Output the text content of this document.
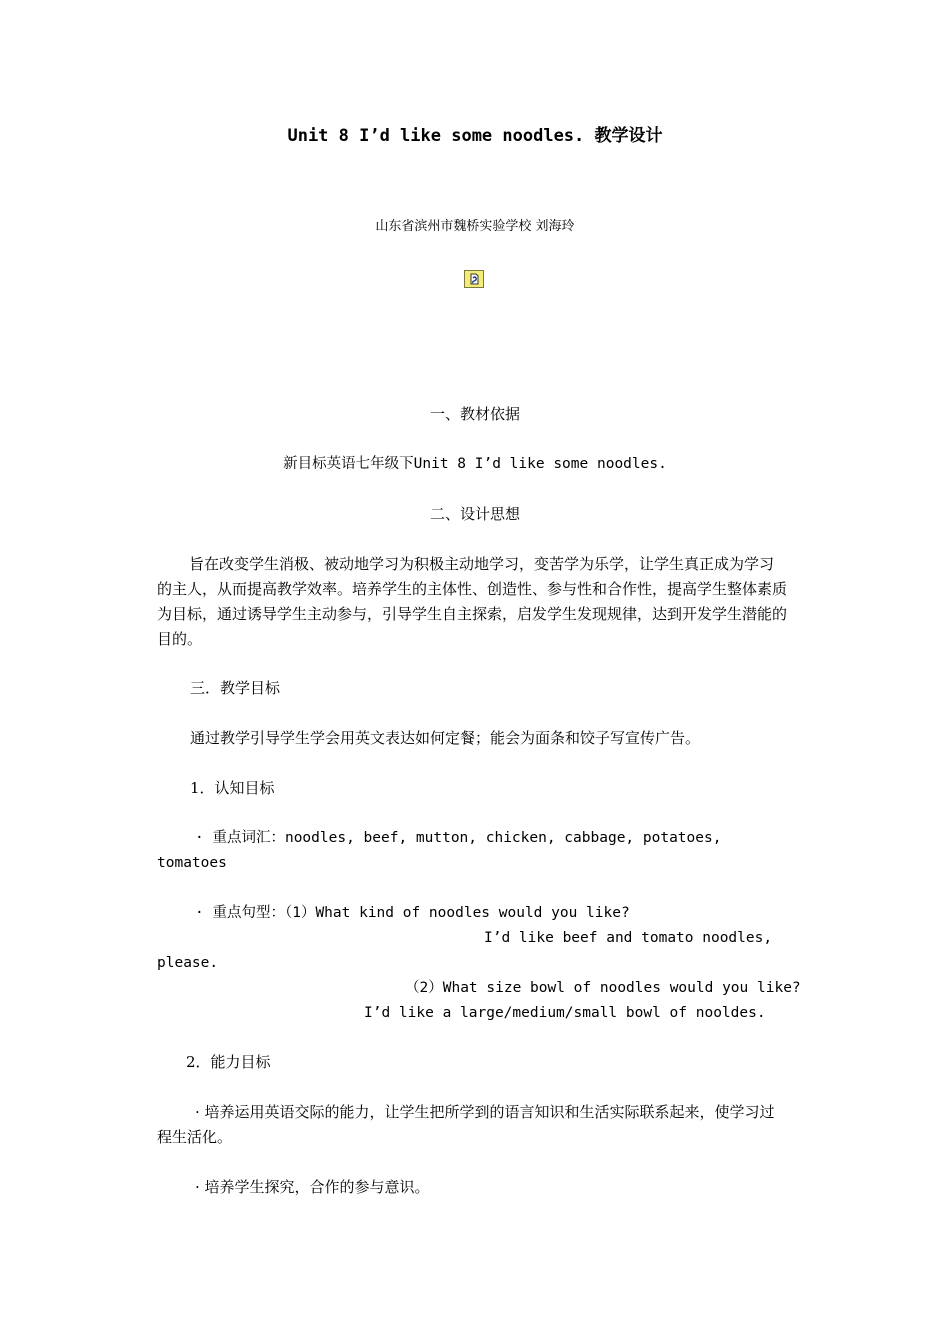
Unit 8 I’d like some noodles. 教学设计
山东省滨州市魏桥实验学校 刘海玲
一、教材依据
新目标英语七年级下Unit 8 I’d like some noodles.
二、设计思想
旨在改变学生消极、被动地学习为积极主动地学习，变苦学为乐学，让学生真正成为学习的主人，从而提高教学效率。培养学生的主体性、创造性、参与性和合作性，提高学生整体素质为目标，通过诱导学生主动参与，引导学生自主探索，启发学生发现规律，达到开发学生潜能的目的。
三．教学目标
通过教学引导学生学会用英文表达如何定餐；能会为面条和饺子写宣传广告。
1．认知目标
· 重点词汇：noodles, beef, mutton, chicken, cabbage, potatoes,
tomatoes
· 重点句型：（1）What kind of noodles would you like?
I’d like beef and tomato noodles,
please.
（2）What size bowl of noodles would you like?
I’d like a large/medium/small bowl of nooldes.
2．能力目标
· 培养运用英语交际的能力，让学生把所学到的语言知识和生活实际联系起来，使学习过程生活化。
· 培养学生探究，合作的参与意识。
